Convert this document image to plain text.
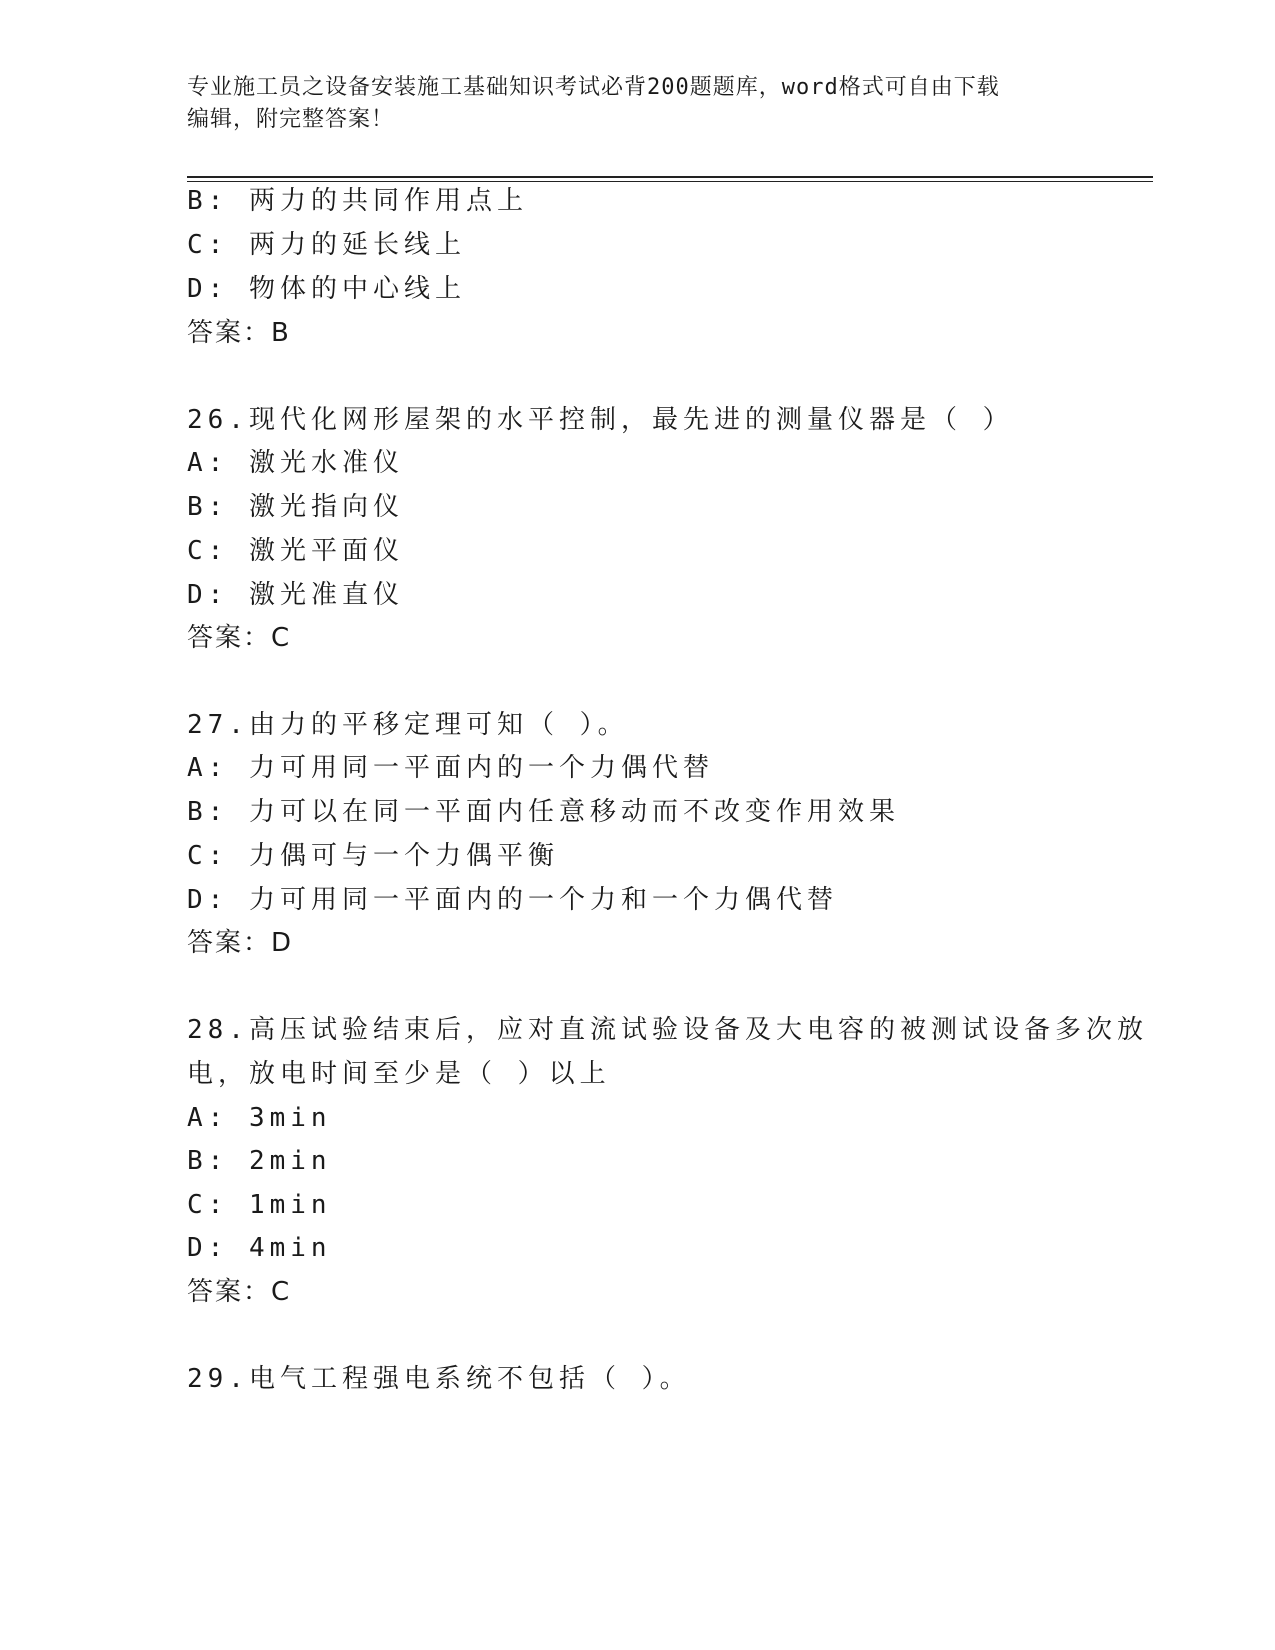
专业施工员之设备安装施工基础知识考试必背200题题库，word格式可自由下载
编辑，附完整答案！
B: 两力的共同作用点上
C: 两力的延长线上
D: 物体的中心线上
答案：B
26.现代化网形屋架的水平控制，最先进的测量仪器是（ ）
A: 激光水准仪
B: 激光指向仪
C: 激光平面仪
D: 激光准直仪
答案：C
27.由力的平移定理可知（ ）。
A: 力可用同一平面内的一个力偶代替
B: 力可以在同一平面内任意移动而不改变作用效果
C: 力偶可与一个力偶平衡
D: 力可用同一平面内的一个力和一个力偶代替
答案：D
28.高压试验结束后，应对直流试验设备及大电容的被测试设备多次放
电，放电时间至少是（ ）以上
A: 3min
B: 2min
C: 1min
D: 4min
答案：C
29.电气工程强电系统不包括（ ）。
